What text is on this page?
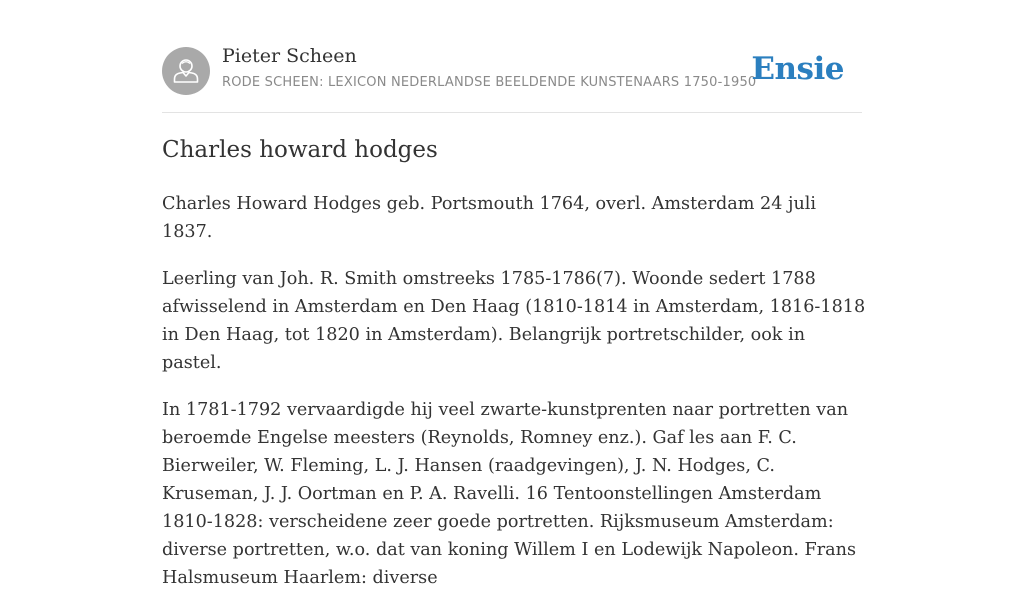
Pieter Scheen
RODE SCHEEN: LEXICON NEDERLANDSE BEELDENDE KUNSTENAARS 1750-1950
Ensie
Charles howard hodges

Charles Howard Hodges geb. Portsmouth 1764, overl. Amsterdam 24 juli 1837.

Leerling van Joh. R. Smith omstreeks 1785-1786(7). Woonde sedert 1788 afwisselend in Amsterdam en Den Haag (1810-1814 in Amsterdam, 1816-1818 in Den Haag, tot 1820 in Amsterdam). Belangrijk portretschilder, ook in pastel.

In 1781-1792 vervaardigde hij veel zwarte-kunstprenten naar portretten van beroemde Engelse meesters (Reynolds, Romney enz.). Gaf les aan F. C. Bierweiler, W. Fleming, L. J. Hansen (raadgevingen), J. N. Hodges, C. Kruseman, J. J. Oortman en P. A. Ravelli. 16 Tentoonstellingen Amsterdam 1810-1828: verscheidene zeer goede portretten. Rijksmuseum Amsterdam: diverse portretten, w.o. dat van koning Willem I en Lodewijk Napoleon. Frans Halsmuseum Haarlem: diverse
